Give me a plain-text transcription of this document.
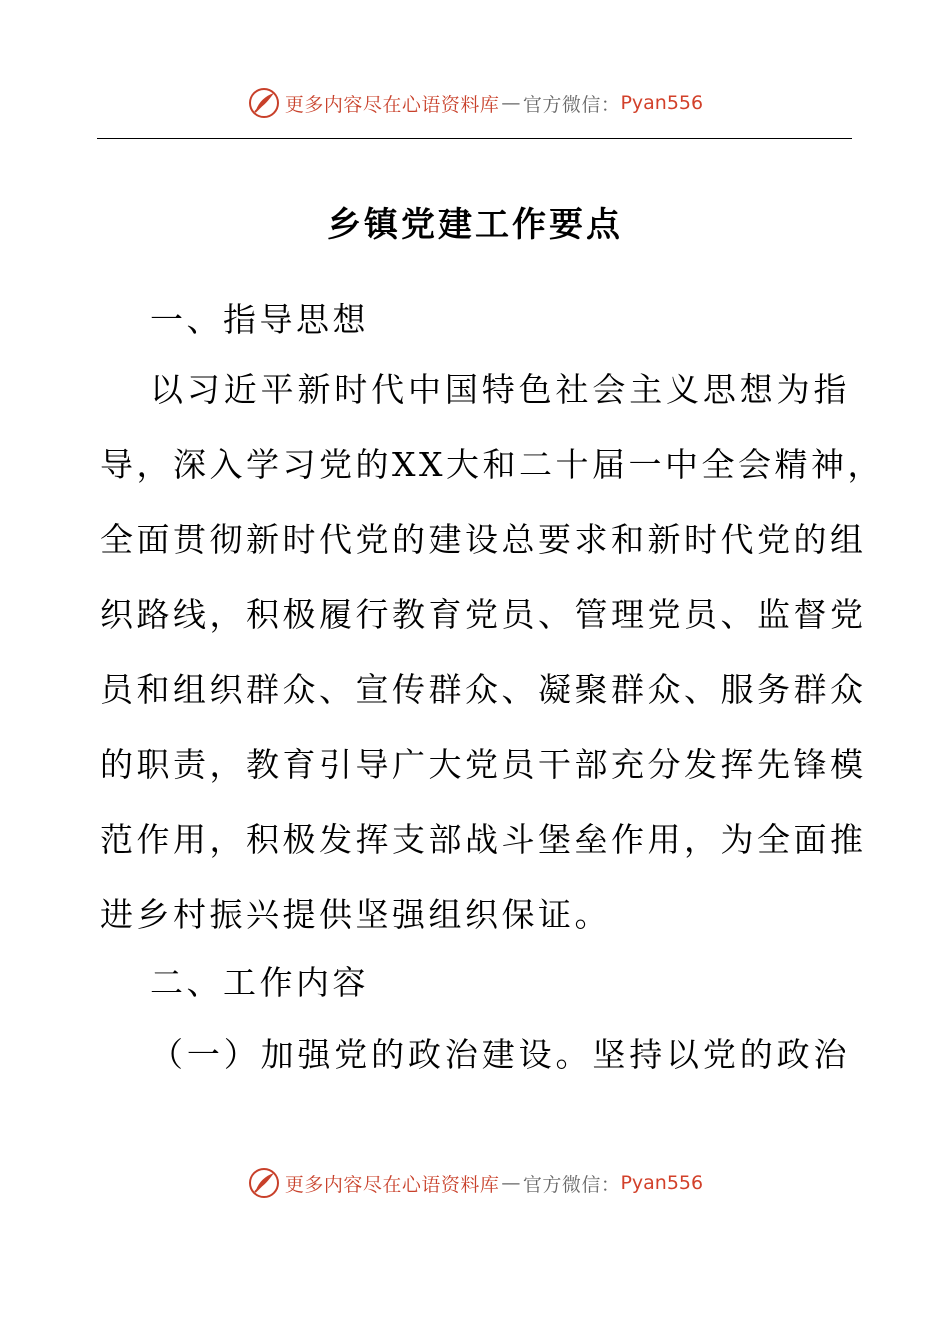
更多内容尽在心语资料库 — 官方微信： Pyan556
乡镇党建工作要点
一、指导思想
以习近平新时代中国特色社会主义思想为指
导，深入学习党的XX大和二十届一中全会精神，
全面贯彻新时代党的建设总要求和新时代党的组
织路线，积极履行教育党员、管理党员、监督党
员和组织群众、宣传群众、凝聚群众、服务群众
的职责，教育引导广大党员干部充分发挥先锋模
范作用，积极发挥支部战斗堡垒作用，为全面推
进乡村振兴提供坚强组织保证。
二、工作内容
（一）加强党的政治建设。坚持以党的政治
更多内容尽在心语资料库 — 官方微信： Pyan556
